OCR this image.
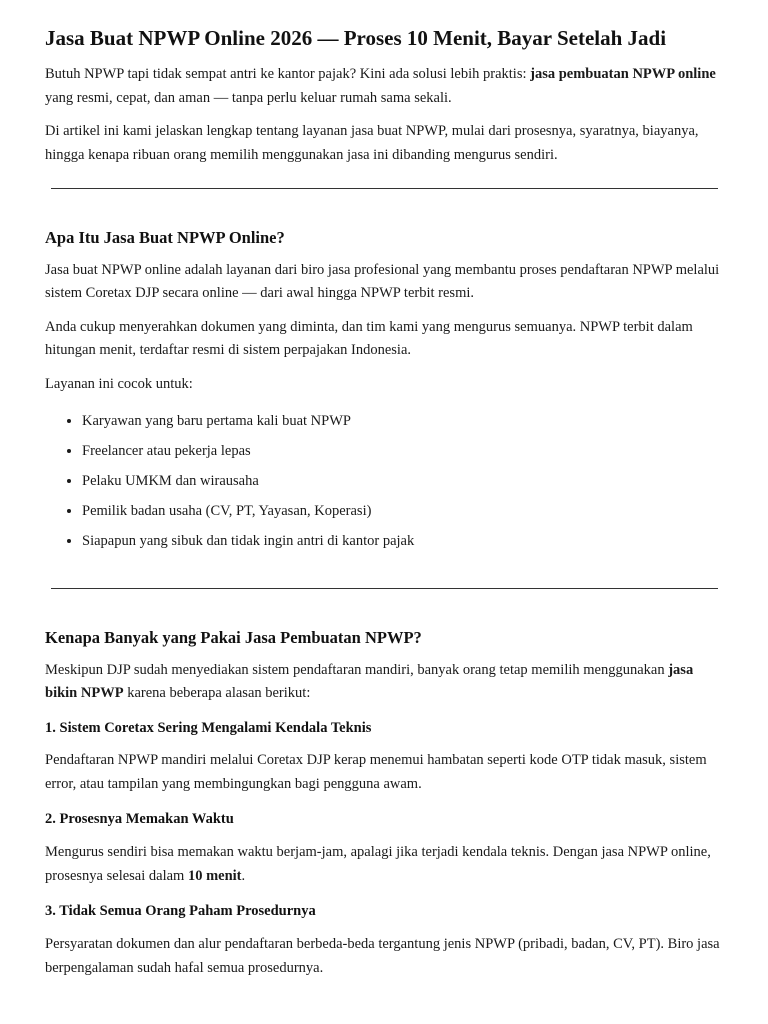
Jasa Buat NPWP Online 2026 — Proses 10 Menit, Bayar Setelah Jadi

Butuh NPWP tapi tidak sempat antri ke kantor pajak? Kini ada solusi lebih praktis: jasa pembuatan NPWP online yang resmi, cepat, dan aman — tanpa perlu keluar rumah sama sekali.

Di artikel ini kami jelaskan lengkap tentang layanan jasa buat NPWP, mulai dari prosesnya, syaratnya, biayanya, hingga kenapa ribuan orang memilih menggunakan jasa ini dibanding mengurus sendiri.

Apa Itu Jasa Buat NPWP Online?

Jasa buat NPWP online adalah layanan dari biro jasa profesional yang membantu proses pendaftaran NPWP melalui sistem Coretax DJP secara online — dari awal hingga NPWP terbit resmi.

Anda cukup menyerahkan dokumen yang diminta, dan tim kami yang mengurus semuanya. NPWP terbit dalam hitungan menit, terdaftar resmi di sistem perpajakan Indonesia.

Layanan ini cocok untuk:

• Karyawan yang baru pertama kali buat NPWP
• Freelancer atau pekerja lepas
• Pelaku UMKM dan wirausaha
• Pemilik badan usaha (CV, PT, Yayasan, Koperasi)
• Siapapun yang sibuk dan tidak ingin antri di kantor pajak
Kenapa Banyak yang Pakai Jasa Pembuatan NPWP?

Meskipun DJP sudah menyediakan sistem pendaftaran mandiri, banyak orang tetap memilih menggunakan jasa bikin NPWP karena beberapa alasan berikut:

1. Sistem Coretax Sering Mengalami Kendala Teknis

Pendaftaran NPWP mandiri melalui Coretax DJP kerap menemui hambatan seperti kode OTP tidak masuk, sistem error, atau tampilan yang membingungkan bagi pengguna awam.

2. Prosesnya Memakan Waktu

Mengurus sendiri bisa memakan waktu berjam-jam, apalagi jika terjadi kendala teknis. Dengan jasa NPWP online, prosesnya selesai dalam 10 menit.

3. Tidak Semua Orang Paham Prosedurnya

Persyaratan dokumen dan alur pendaftaran berbeda-beda tergantung jenis NPWP (pribadi, badan, CV, PT). Biro jasa berpengalaman sudah hafal semua prosedurnya.
